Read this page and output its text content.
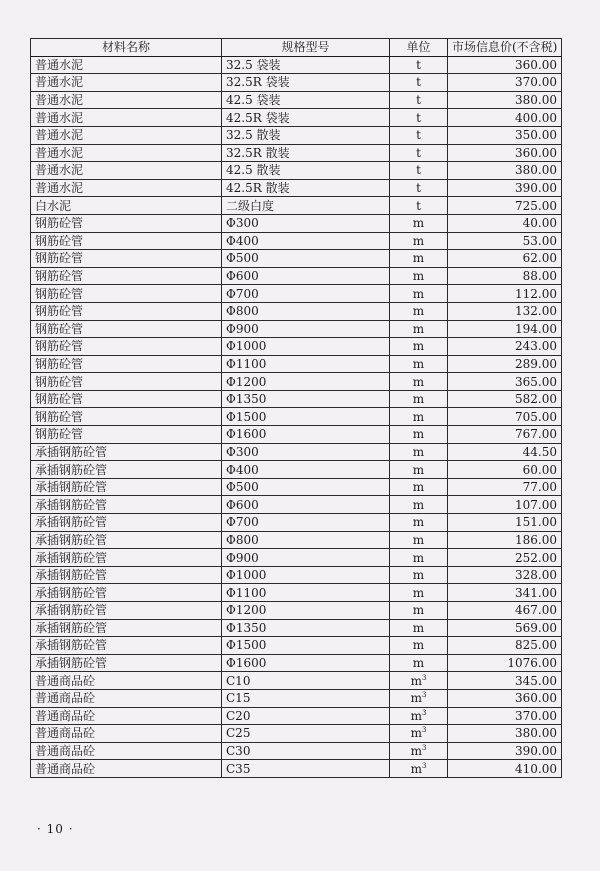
材料名称	规格型号	单位	市场信息价(不含税)
普通水泥	32.5 袋装	t	360.00
普通水泥	32.5R 袋装	t	370.00
普通水泥	42.5 袋装	t	380.00
普通水泥	42.5R 袋装	t	400.00
普通水泥	32.5 散装	t	350.00
普通水泥	32.5R 散装	t	360.00
普通水泥	42.5 散装	t	380.00
普通水泥	42.5R 散装	t	390.00
白水泥	二级白度	t	725.00
钢筋砼管	Φ300	m	40.00
钢筋砼管	Φ400	m	53.00
钢筋砼管	Φ500	m	62.00
钢筋砼管	Φ600	m	88.00
钢筋砼管	Φ700	m	112.00
钢筋砼管	Φ800	m	132.00
钢筋砼管	Φ900	m	194.00
钢筋砼管	Φ1000	m	243.00
钢筋砼管	Φ1100	m	289.00
钢筋砼管	Φ1200	m	365.00
钢筋砼管	Φ1350	m	582.00
钢筋砼管	Φ1500	m	705.00
钢筋砼管	Φ1600	m	767.00
承插钢筋砼管	Φ300	m	44.50
承插钢筋砼管	Φ400	m	60.00
承插钢筋砼管	Φ500	m	77.00
承插钢筋砼管	Φ600	m	107.00
承插钢筋砼管	Φ700	m	151.00
承插钢筋砼管	Φ800	m	186.00
承插钢筋砼管	Φ900	m	252.00
承插钢筋砼管	Φ1000	m	328.00
承插钢筋砼管	Φ1100	m	341.00
承插钢筋砼管	Φ1200	m	467.00
承插钢筋砼管	Φ1350	m	569.00
承插钢筋砼管	Φ1500	m	825.00
承插钢筋砼管	Φ1600	m	1076.00
普通商品砼	C10	$m^3$	345.00
普通商品砼	C15	$m^3$	360.00
普通商品砼	C20	$m^3$	370.00
普通商品砼	C25	$m^3$	380.00
普通商品砼	C30	$m^3$	390.00
普通商品砼	C35	$m^3$	410.00
· 10 ·
